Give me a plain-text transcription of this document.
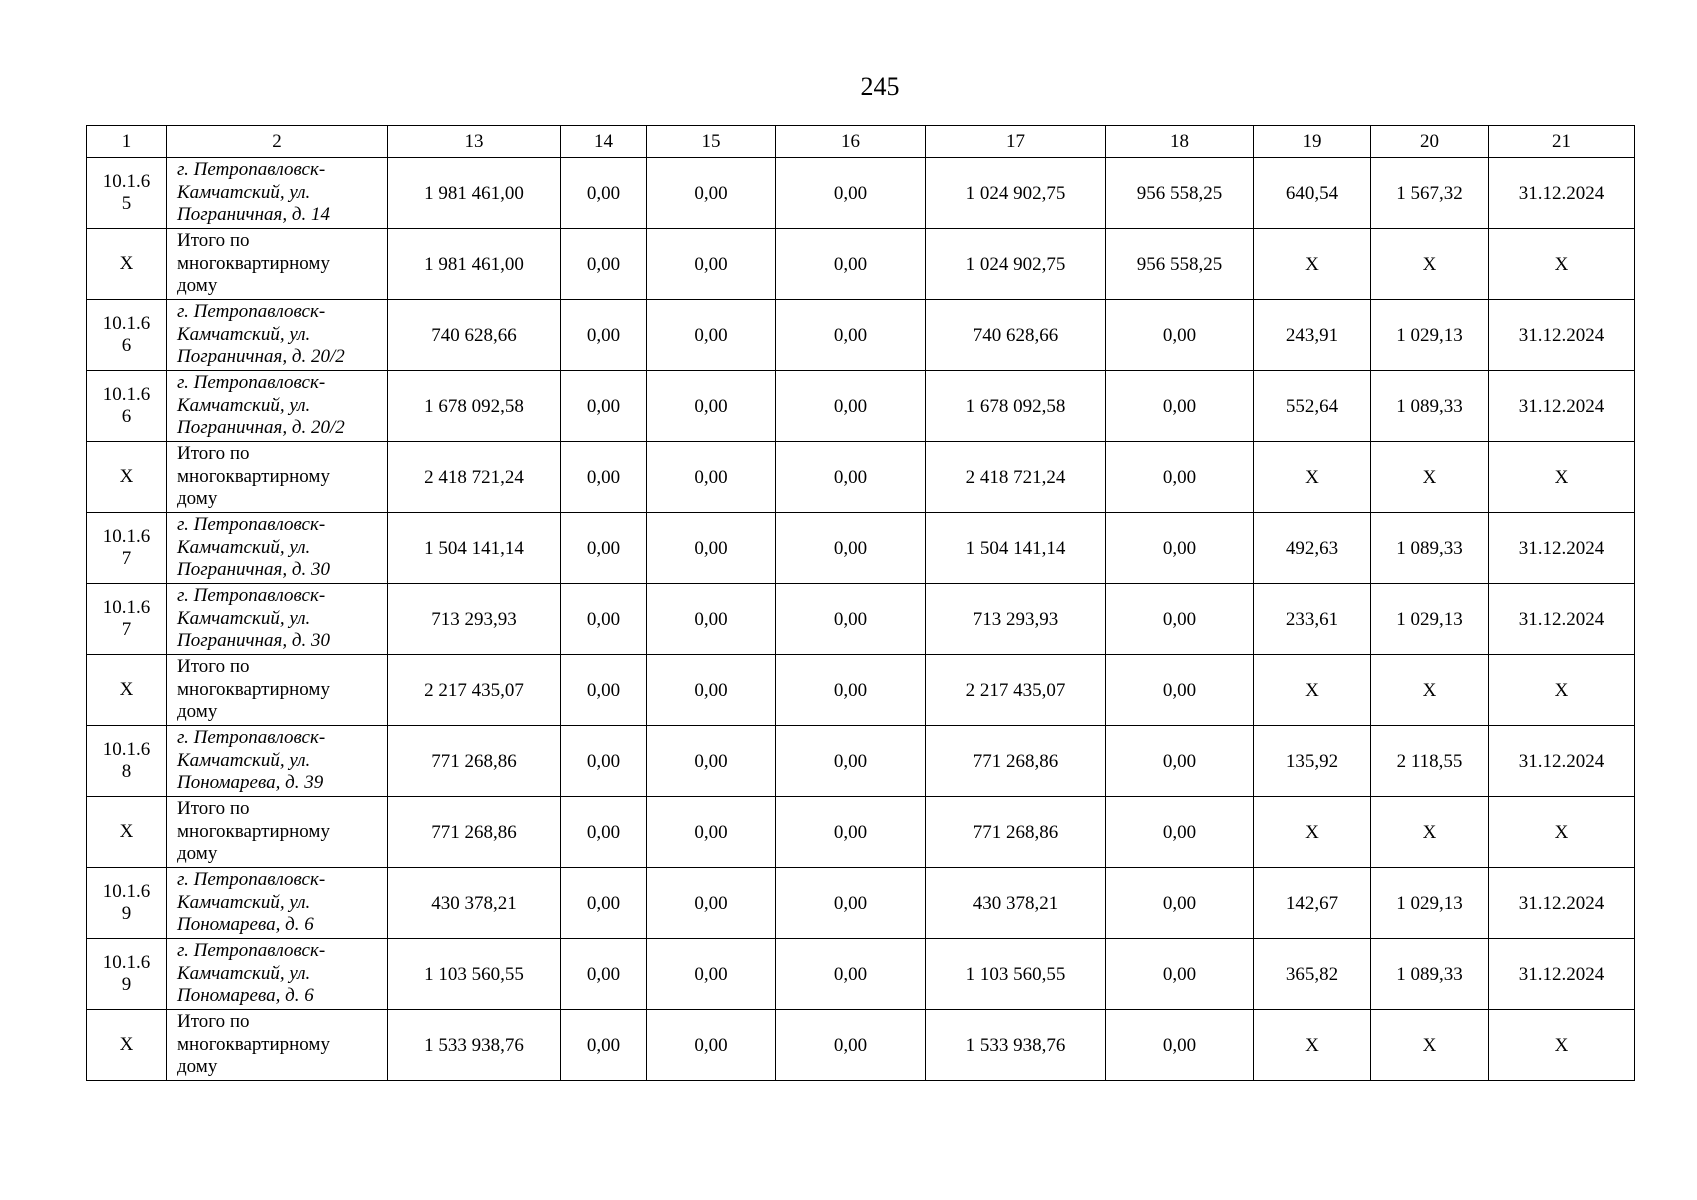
245
1	2	13	14	15	16	17	18	19	20	21
10.1.6
5	г. Петропавловск-
Камчатский, ул.
Пограничная, д. 14	1 981 461,00	0,00	0,00	0,00	1 024 902,75	956 558,25	640,54	1 567,32	31.12.2024
X	Итого по
многоквартирному
дому	1 981 461,00	0,00	0,00	0,00	1 024 902,75	956 558,25	X	X	X
10.1.6
6	г. Петропавловск-
Камчатский, ул.
Пограничная, д. 20/2	740 628,66	0,00	0,00	0,00	740 628,66	0,00	243,91	1 029,13	31.12.2024
10.1.6
6	г. Петропавловск-
Камчатский, ул.
Пограничная, д. 20/2	1 678 092,58	0,00	0,00	0,00	1 678 092,58	0,00	552,64	1 089,33	31.12.2024
X	Итого по
многоквартирному
дому	2 418 721,24	0,00	0,00	0,00	2 418 721,24	0,00	X	X	X
10.1.6
7	г. Петропавловск-
Камчатский, ул.
Пограничная, д. 30	1 504 141,14	0,00	0,00	0,00	1 504 141,14	0,00	492,63	1 089,33	31.12.2024
10.1.6
7	г. Петропавловск-
Камчатский, ул.
Пограничная, д. 30	713 293,93	0,00	0,00	0,00	713 293,93	0,00	233,61	1 029,13	31.12.2024
X	Итого по
многоквартирному
дому	2 217 435,07	0,00	0,00	0,00	2 217 435,07	0,00	X	X	X
10.1.6
8	г. Петропавловск-
Камчатский, ул.
Пономарева, д. 39	771 268,86	0,00	0,00	0,00	771 268,86	0,00	135,92	2 118,55	31.12.2024
X	Итого по
многоквартирному
дому	771 268,86	0,00	0,00	0,00	771 268,86	0,00	X	X	X
10.1.6
9	г. Петропавловск-
Камчатский, ул.
Пономарева, д. 6	430 378,21	0,00	0,00	0,00	430 378,21	0,00	142,67	1 029,13	31.12.2024
10.1.6
9	г. Петропавловск-
Камчатский, ул.
Пономарева, д. 6	1 103 560,55	0,00	0,00	0,00	1 103 560,55	0,00	365,82	1 089,33	31.12.2024
X	Итого по
многоквартирному
дому	1 533 938,76	0,00	0,00	0,00	1 533 938,76	0,00	X	X	X
